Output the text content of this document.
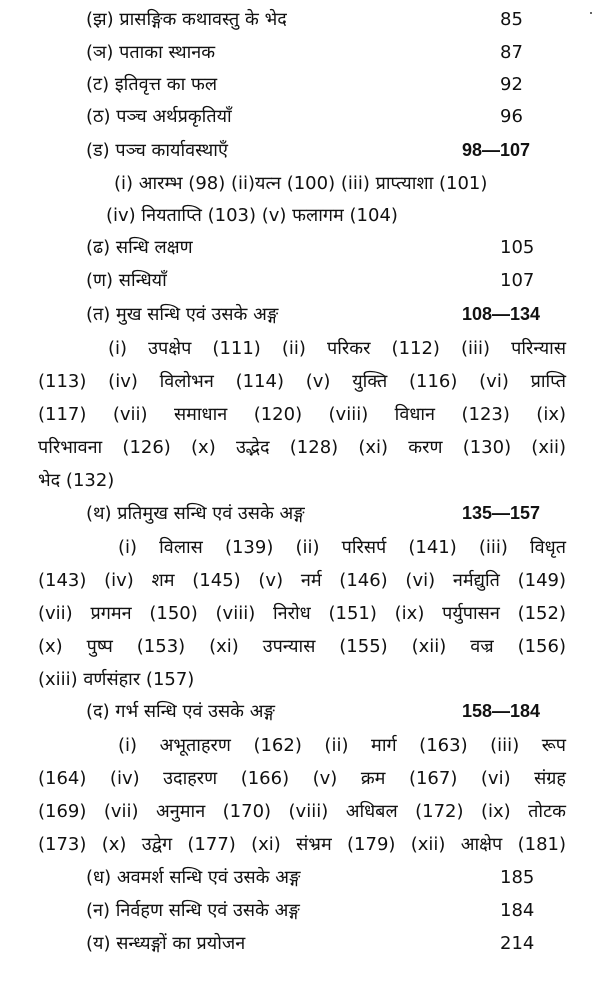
(झ) प्रासङ्गिक कथावस्तु के भेद	85
(ञ) पताका स्थानक	87
(ट) इतिवृत्त का फल	92
(ठ) पञ्च अर्थप्रकृतियाँ	96
(ड) पञ्च कार्यावस्थाएँ	98—107
(i) आरम्भ (98) (ii)यत्न (100) (iii) प्राप्त्याशा (101)
(iv) नियताप्ति (103) (v) फलागम (104)
(ढ) सन्धि लक्षण	105
(ण) सन्धियाँ	107
(त) मुख सन्धि एवं उसके अङ्ग	108—134
(i) उपक्षेप (111) (ii) परिकर (112) (iii) परिन्यास
(113) (iv) विलोभन (114) (v) युक्ति (116) (vi) प्राप्ति
(117) (vii) समाधान (120) (viii) विधान (123) (ix)
परिभावना (126) (x) उद्भेद (128) (xi) करण (130) (xii)
भेद (132)
(थ) प्रतिमुख सन्धि एवं उसके अङ्ग	135—157
(i) विलास (139) (ii) परिसर्प (141) (iii) विधृत
(143) (iv) शम (145) (v) नर्म (146) (vi) नर्मद्युति (149)
(vii) प्रगमन (150) (viii) निरोध (151) (ix) पर्युपासन (152)
(x) पुष्प (153) (xi) उपन्यास (155) (xii) वज्र (156)
(xiii) वर्णसंहार (157)
(द) गर्भ सन्धि एवं उसके अङ्ग	158—184
(i) अभूताहरण (162) (ii) मार्ग (163) (iii) रूप
(164) (iv) उदाहरण (166) (v) क्रम (167) (vi) संग्रह
(169) (vii) अनुमान (170) (viii) अधिबल (172) (ix) तोटक
(173) (x) उद्वेग (177) (xi) संभ्रम (179) (xii) आक्षेप (181)
(ध) अवमर्श सन्धि एवं उसके अङ्ग	185
(न) निर्वहण सन्धि एवं उसके अङ्ग	184
(य) सन्ध्यङ्गों का प्रयोजन	214
